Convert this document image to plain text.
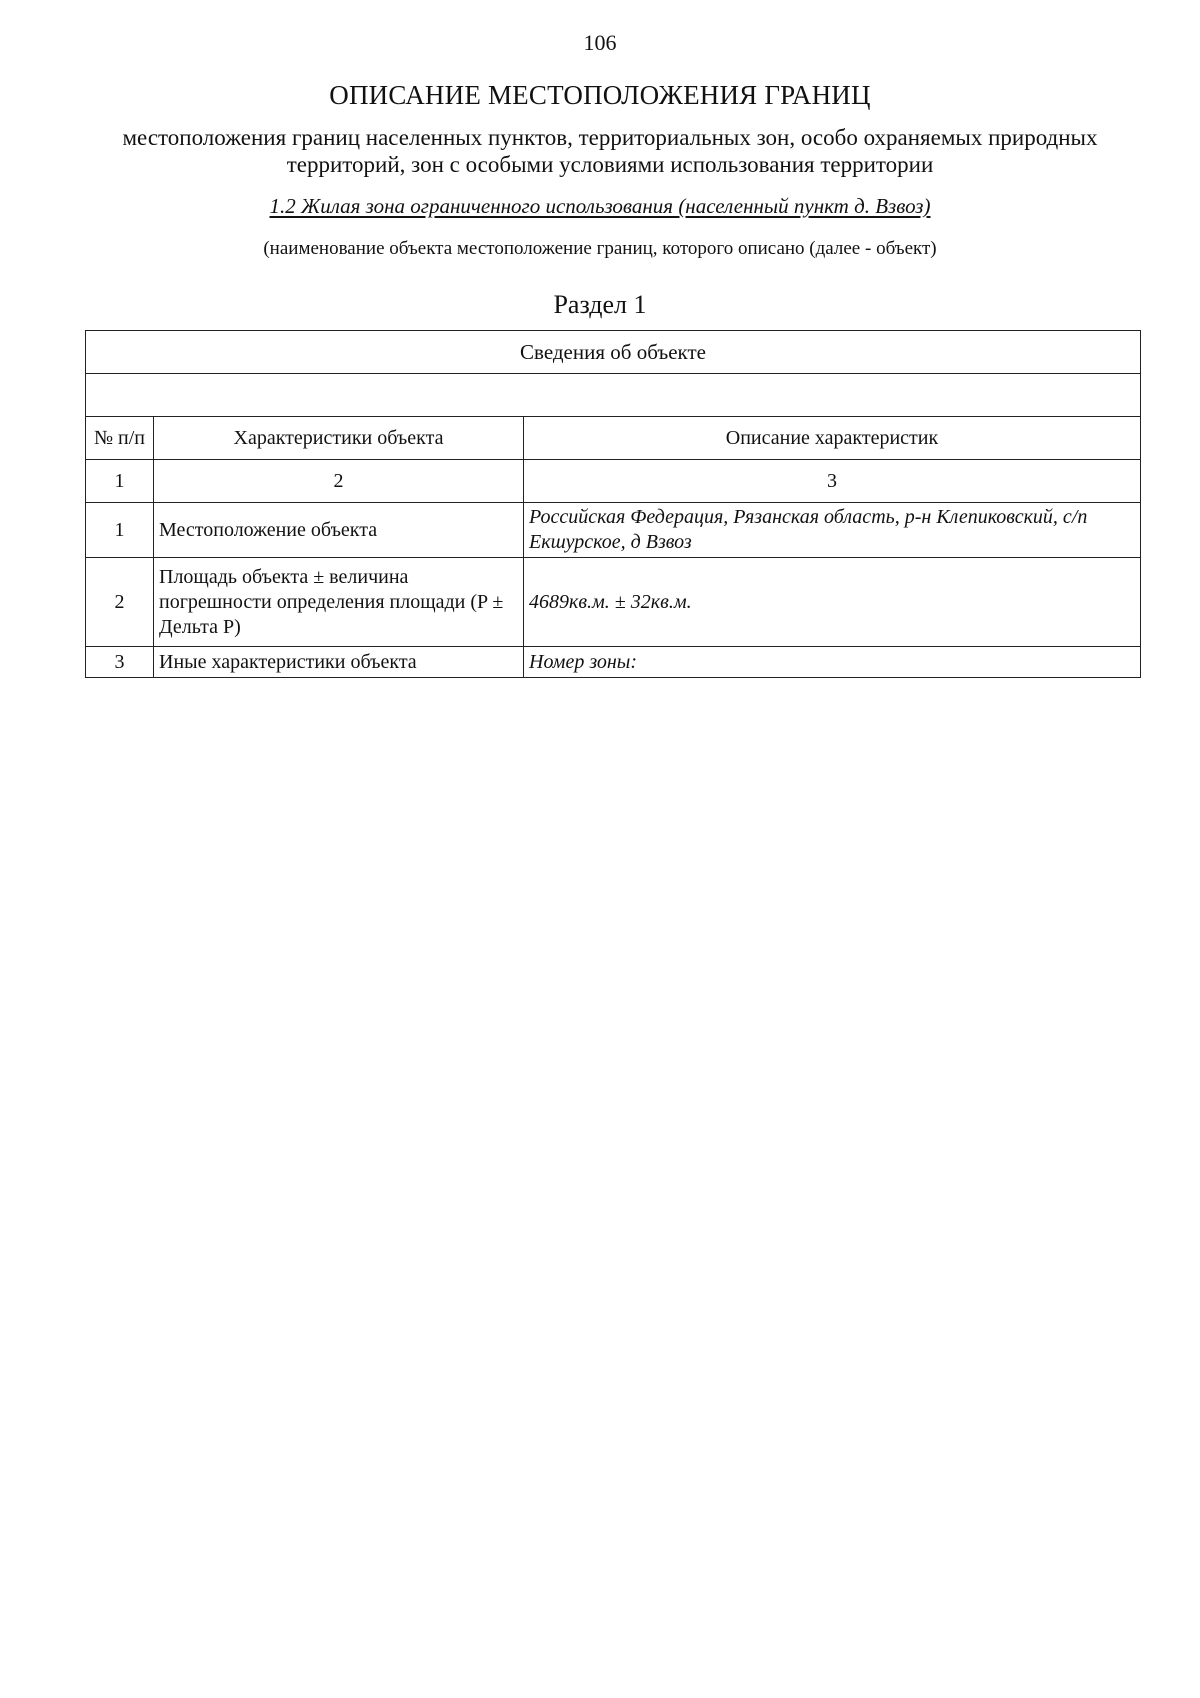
106
ОПИСАНИЕ МЕСТОПОЛОЖЕНИЯ ГРАНИЦ
местоположения границ населенных пунктов, территориальных зон, особо охраняемых природных территорий, зон с особыми условиями использования территории
1.2 Жилая зона ограниченного использования (населенный пункт д. Взвоз)
(наименование объекта местоположение границ, которого описано (далее - объект)
Раздел 1
Сведения об объекте		

№ п/п	Характеристики объекта	Описание характеристик
1	2	3
1	Местоположение объекта	Российская Федерация, Рязанская область, р-н Клепиковский, с/п Екшурское, д Взвоз
2	Площадь объекта ± величина погрешности определения площади (P ± Дельта P)	4689кв.м. ± 32кв.м.
3	Иные характеристики объекта	Номер зоны:
